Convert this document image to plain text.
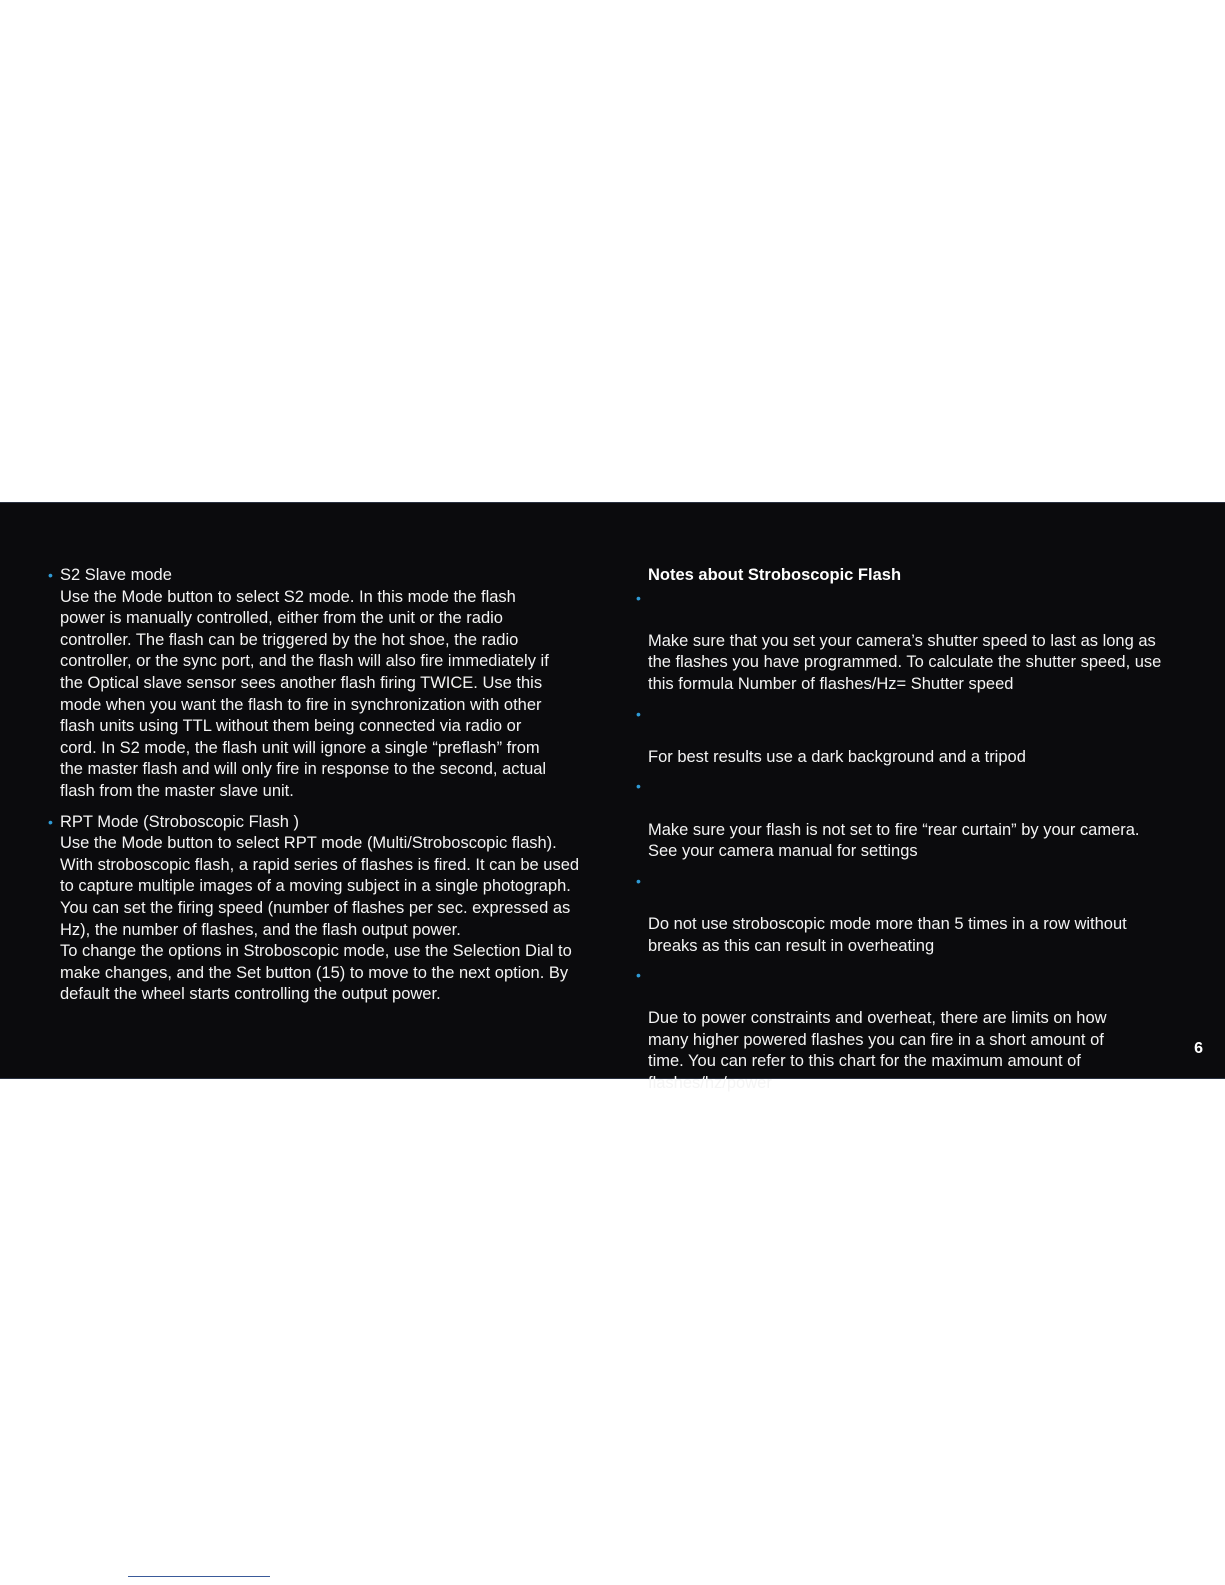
• S2 Slave mode
Use the Mode button to select S2 mode. In this mode the flash
power is manually controlled, either from the unit or the radio
controller. The flash can be triggered by the hot shoe, the radio
controller, or the sync port, and the flash will also fire immediately if
the Optical slave sensor sees another flash firing TWICE. Use this
mode when you want the flash to fire in synchronization with other
flash units using TTL without them being connected via radio or
cord. In S2 mode, the flash unit will ignore a single “preflash” from
the master flash and will only fire in response to the second, actual
flash from the master slave unit.
• RPT Mode (Stroboscopic Flash )
Use the Mode button to select RPT mode (Multi/Stroboscopic flash).
With stroboscopic flash, a rapid series of flashes is fired. It can be used
to capture multiple images of a moving subject in a single photograph.
You can set the firing speed (number of flashes per sec. expressed as
Hz), the number of flashes, and the flash output power.
To change the options in Stroboscopic mode, use the Selection Dial to
make changes, and the Set button (15) to move to the next option. By
default the wheel starts controlling the output power.
Notes about Stroboscopic Flash

•

Make sure that you set your camera’s shutter speed to last as long as
the flashes you have programmed. To calculate the shutter speed, use
this formula Number of flashes/Hz= Shutter speed

•

For best results use a dark background and a tripod

•

Make sure your flash is not set to fire “rear curtain” by your camera.
See your camera manual for settings

•

Do not use stroboscopic mode more than 5 times in a row without
breaks as this can result in overheating

•

Due to power constraints and overheat, there are limits on how
many higher powered flashes you can fire in a short amount of
time. You can refer to this chart for the maximum amount of
flashes/hz/power

6
